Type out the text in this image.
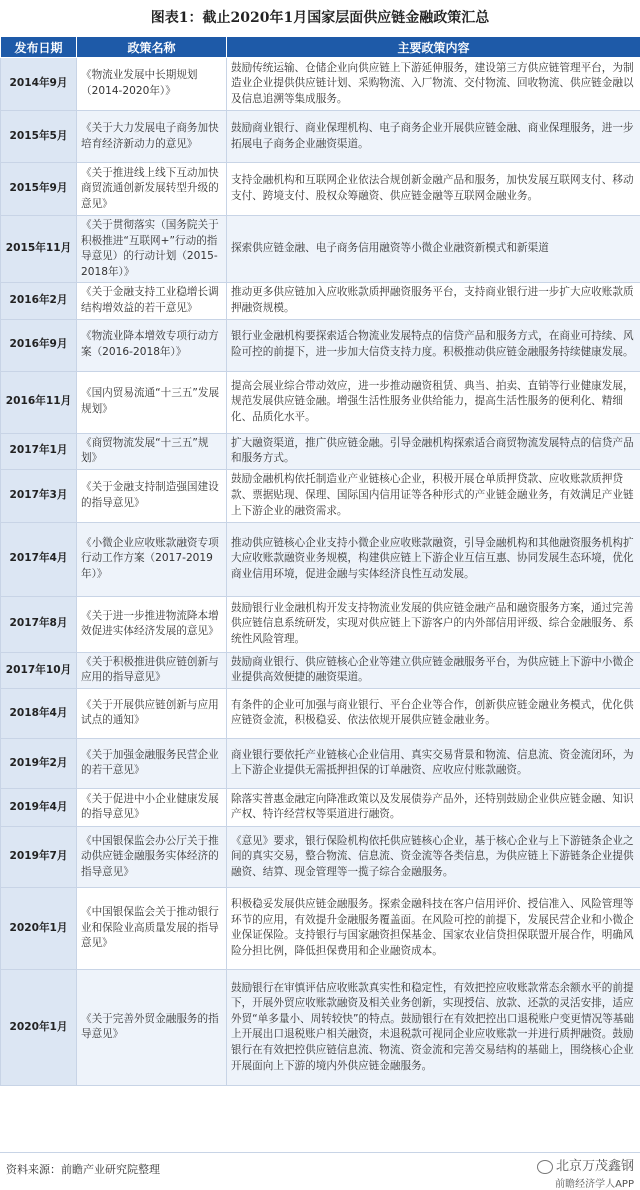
图表1：截止2020年1月国家层面供应链金融政策汇总
发布日期	政策名称	主要政策内容
2014年9月	《物流业发展中长期规划（2014-2020年）》	鼓励传统运输、仓储企业向供应链上下游延伸服务，建设第三方供应链管理平台，为制造业企业提供供应链计划、采购物流、入厂物流、交付物流、回收物流、供应链金融以及信息追溯等集成服务。
2015年5月	《关于大力发展电子商务加快培育经济新动力的意见》	鼓励商业银行、商业保理机构、电子商务企业开展供应链金融、商业保理服务，进一步拓展电子商务企业融资渠道。
2015年9月	《关于推进线上线下互动加快商贸流通创新发展转型升级的意见》	支持金融机构和互联网企业依法合规创新金融产品和服务，加快发展互联网支付、移动支付、跨境支付、股权众筹融资、供应链金融等互联网金融业务。
2015年11月	《关于贯彻落实（国务院关于积极推进“互联网+”行动的指导意见）的行动计划（2015-2018年）》	探索供应链金融、电子商务信用融资等小微企业融资新模式和新渠道
2016年2月	《关于金融支持工业稳增长调结构增效益的若干意见》	推动更多供应链加入应收账款质押融资服务平台，支持商业银行进一步扩大应收账款质押融资规模。
2016年9月	《物流业降本增效专项行动方案（2016-2018年）》	银行业金融机构要探索适合物流业发展特点的信贷产品和服务方式，在商业可持续、风险可控的前提下，进一步加大信贷支持力度。积极推动供应链金融服务持续健康发展。
2016年11月	《国内贸易流通“十三五”发展规划》	提高会展业综合带动效应，进一步推动融资租赁、典当、拍卖、直销等行业健康发展，规范发展供应链金融。增强生活性服务业供给能力，提高生活性服务的便利化、精细化、品质化水平。
2017年1月	《商贸物流发展“十三五”规划》	扩大融资渠道，推广供应链金融。引导金融机构探索适合商贸物流发展特点的信贷产品和服务方式。
2017年3月	《关于金融支持制造强国建设的指导意见》	鼓励金融机构依托制造业产业链核心企业，积极开展仓单质押贷款、应收账款质押贷款、票据贴现、保理、国际国内信用证等各种形式的产业链金融业务，有效满足产业链上下游企业的融资需求。
2017年4月	《小微企业应收账款融资专项行动工作方案（2017-2019年）》	推动供应链核心企业支持小微企业应收账款融资，引导金融机构和其他融资服务机构扩大应收账款融资业务规模，构建供应链上下游企业互信互惠、协同发展生态环境，优化商业信用环境，促进金融与实体经济良性互动发展。
2017年8月	《关于进一步推进物流降本增效促进实体经济发展的意见》	鼓励银行业金融机构开发支持物流业发展的供应链金融产品和融资服务方案，通过完善供应链信息系统研发，实现对供应链上下游客户的内外部信用评级、综合金融服务、系统性风险管理。
2017年10月	《关于积极推进供应链创新与应用的指导意见》	鼓励商业银行、供应链核心企业等建立供应链金融服务平台，为供应链上下游中小微企业提供高效便捷的融资渠道。
2018年4月	《关于开展供应链创新与应用试点的通知》	有条件的企业可加强与商业银行、平台企业等合作，创新供应链金融业务模式，优化供应链资金流，积极稳妥、依法依规开展供应链金融业务。
2019年2月	《关于加强金融服务民营企业的若干意见》	商业银行要依托产业链核心企业信用、真实交易背景和物流、信息流、资金流闭环，为上下游企业提供无需抵押担保的订单融资、应收应付账款融资。
2019年4月	《关于促进中小企业健康发展的指导意见》	除落实普惠金融定向降准政策以及发展债券产品外，还特别鼓励企业供应链金融、知识产权、特许经营权等渠道进行融资。
2019年7月	《中国银保监会办公厅关于推动供应链金融服务实体经济的指导意见》	《意见》要求，银行保险机构依托供应链核心企业，基于核心企业与上下游链条企业之间的真实交易，整合物流、信息流、资金流等各类信息，为供应链上下游链条企业提供融资、结算、现金管理等一揽子综合金融服务。
2020年1月	《中国银保监会关于推动银行业和保险业高质量发展的指导意见》	积极稳妥发展供应链金融服务。探索金融科技在客户信用评价、授信准入、风险管理等环节的应用，有效提升金融服务覆盖面。在风险可控的前提下，发展民营企业和小微企业保证保险。支持银行与国家融资担保基金、国家农业信贷担保联盟开展合作，明确风险分担比例，降低担保费用和企业融资成本。
2020年1月	《关于完善外贸金融服务的指导意见》	鼓励银行在审慎评估应收账款真实性和稳定性，有效把控应收账款常态余额水平的前提下，开展外贸应收账款融资及相关业务创新，实现授信、放款、还款的灵活安排，适应外贸“单多量小、周转较快”的特点。鼓励银行在有效把控出口退税账户变更情况等基础上开展出口退税账户相关融资，未退税款可视同企业应收账款一并进行质押融资。鼓励银行在有效把控供应链信息流、物流、资金流和完善交易结构的基础上，围绕核心企业开展面向上下游的境内外供应链金融服务。
资料来源：前瞻产业研究院整理	北京万茂鑫钢
前瞻经济学人APP
